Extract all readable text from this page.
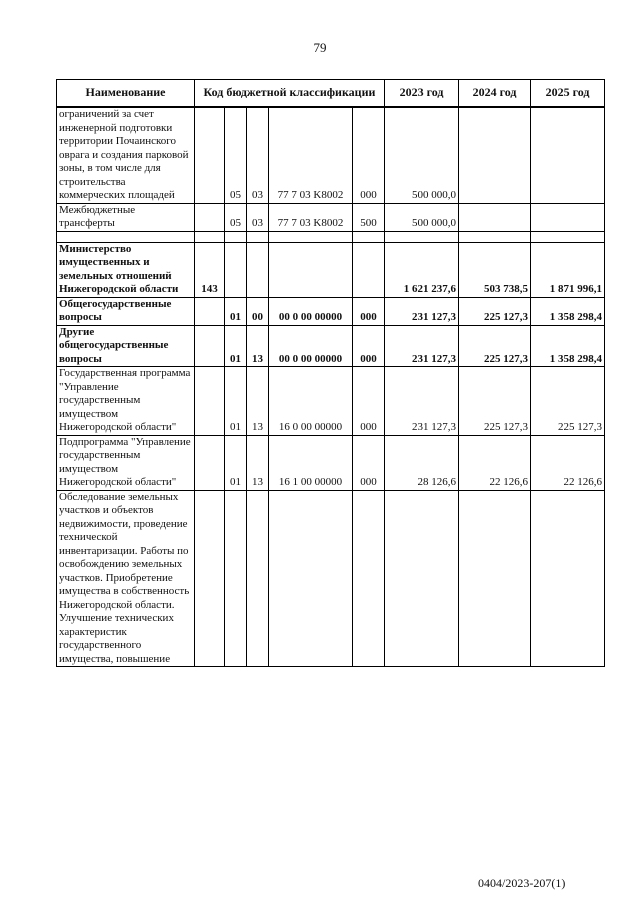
79
Наименование	Код бюджетной классификации					2023 год	2024 год	2025 год
ограничений за счет инженерной подготовки территории Почаинского оврага и создания парковой зоны, в том числе для строительства коммерческих площадей		05	03	77 7 03 K8002	000	500 000,0		
Межбюджетные трансферты		05	03	77 7 03 K8002	500	500 000,0		

Министерство имущественных и земельных отношений Нижегородской области	143					1 621 237,6	503 738,5	1 871 996,1
Общегосударственные вопросы		01	00	00 0 00 00000	000	231 127,3	225 127,3	1 358 298,4
Другие общегосударственные вопросы		01	13	00 0 00 00000	000	231 127,3	225 127,3	1 358 298,4
Государственная программа "Управление государственным имуществом Нижегородской области"		01	13	16 0 00 00000	000	231 127,3	225 127,3	225 127,3
Подпрограмма "Управление государственным имуществом Нижегородской области"		01	13	16 1 00 00000	000	28 126,6	22 126,6	22 126,6
Обследование земельных участков и объектов недвижимости, проведение технической инвентаризации. Работы по освобождению земельных участков. Приобретение имущества в собственность Нижегородской области. Улучшение технических характеристик государственного имущества, повышение								
0404/2023-207(1)
